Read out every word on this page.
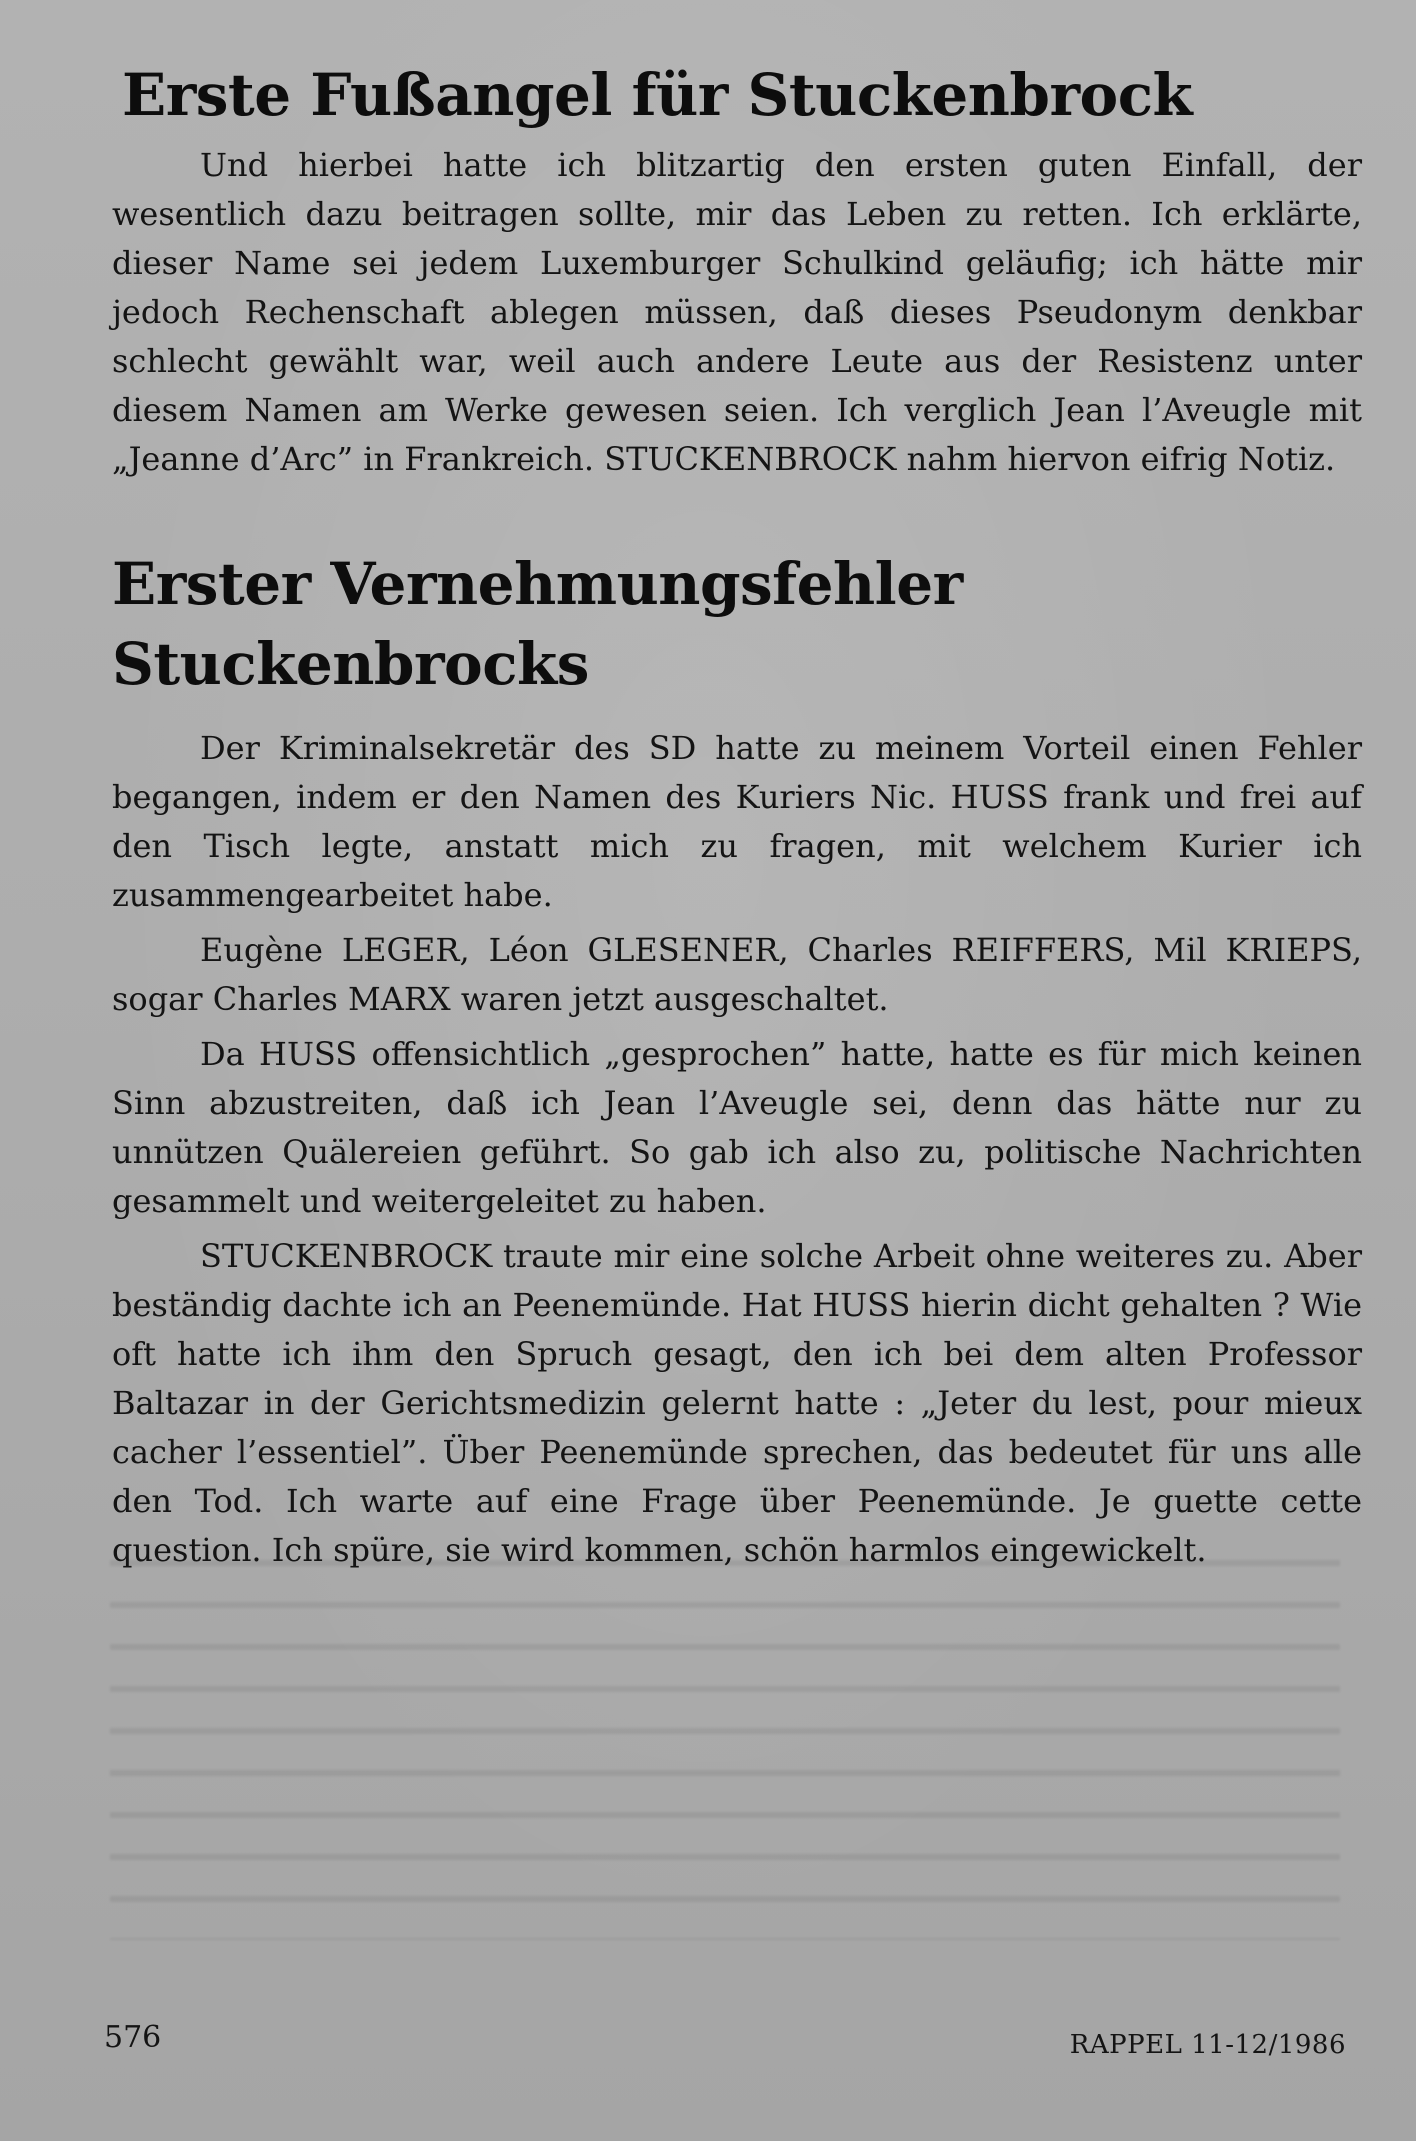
Erste Fußangel für Stuckenbrock

Und hierbei hatte ich blitzartig den ersten guten Einfall, der wesentlich dazu beitragen sollte, mir das Leben zu retten. Ich erklärte, dieser Name sei jedem Luxemburger Schulkind geläufig; ich hätte mir jedoch Rechenschaft ablegen müssen, daß dieses Pseudonym denkbar schlecht gewählt war, weil auch andere Leute aus der Resistenz unter diesem Namen am Werke gewesen seien. Ich verglich Jean l’Aveugle mit „Jeanne d’Arc” in Frankreich. STUCKENBROCK nahm hiervon eifrig Notiz.

Erster Vernehmungsfehler Stuckenbrocks

Der Kriminalsekretär des SD hatte zu meinem Vorteil einen Fehler begangen, indem er den Namen des Kuriers Nic. HUSS frank und frei auf den Tisch legte, anstatt mich zu fragen, mit welchem Kurier ich zusammengearbeitet habe.

Eugène LEGER, Léon GLESENER, Charles REIFFERS, Mil KRIEPS, sogar Charles MARX waren jetzt ausgeschaltet.

Da HUSS offensichtlich „gesprochen” hatte, hatte es für mich keinen Sinn abzustreiten, daß ich Jean l’Aveugle sei, denn das hätte nur zu unnützen Quälereien geführt. So gab ich also zu, politische Nachrichten gesammelt und weitergeleitet zu haben.

STUCKENBROCK traute mir eine solche Arbeit ohne weiteres zu. Aber beständig dachte ich an Peenemünde. Hat HUSS hierin dicht gehalten ? Wie oft hatte ich ihm den Spruch gesagt, den ich bei dem alten Professor Baltazar in der Gerichtsmedizin gelernt hatte : „Jeter du lest, pour mieux cacher l’essentiel”. Über Peenemünde sprechen, das bedeutet für uns alle den Tod. Ich warte auf eine Frage über Peenemünde. Je guette cette question. Ich spüre, sie wird kommen, schön harmlos eingewickelt.

576	RAPPEL 11-12/1986
